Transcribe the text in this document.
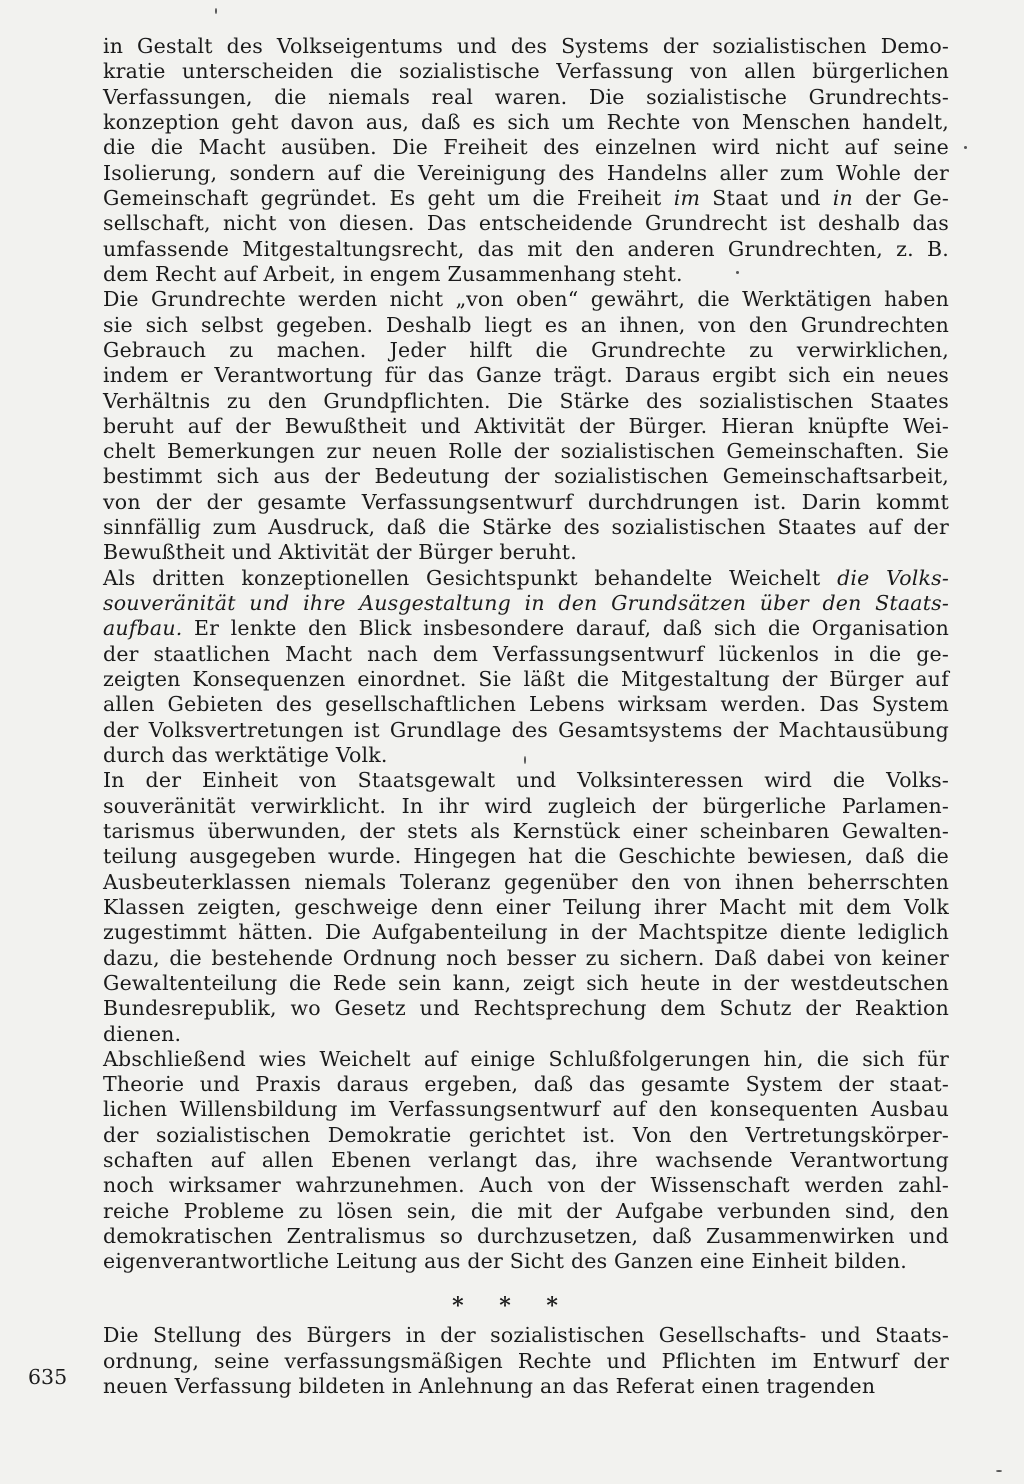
in Gestalt des Volkseigentums und des Systems der sozialistischen Demo-
kratie unterscheiden die sozialistische Verfassung von allen bürgerlichen
Verfassungen, die niemals real waren. Die sozialistische Grundrechts-
konzeption geht davon aus, daß es sich um Rechte von Menschen handelt,
die die Macht ausüben. Die Freiheit des einzelnen wird nicht auf seine
Isolierung, sondern auf die Vereinigung des Handelns aller zum Wohle der
Gemeinschaft gegründet. Es geht um die Freiheit im Staat und in der Ge-
sellschaft, nicht von diesen. Das entscheidende Grundrecht ist deshalb das
umfassende Mitgestaltungsrecht, das mit den anderen Grundrechten, z. B.
dem Recht auf Arbeit, in engem Zusammenhang steht.
Die Grundrechte werden nicht „von oben“ gewährt, die Werktätigen haben
sie sich selbst gegeben. Deshalb liegt es an ihnen, von den Grundrechten
Gebrauch zu machen. Jeder hilft die Grundrechte zu verwirklichen,
indem er Verantwortung für das Ganze trägt. Daraus ergibt sich ein neues
Verhältnis zu den Grundpflichten. Die Stärke des sozialistischen Staates
beruht auf der Bewußtheit und Aktivität der Bürger. Hieran knüpfte Wei-
chelt Bemerkungen zur neuen Rolle der sozialistischen Gemeinschaften. Sie
bestimmt sich aus der Bedeutung der sozialistischen Gemeinschaftsarbeit,
von der der gesamte Verfassungsentwurf durchdrungen ist. Darin kommt
sinnfällig zum Ausdruck, daß die Stärke des sozialistischen Staates auf der
Bewußtheit und Aktivität der Bürger beruht.
Als dritten konzeptionellen Gesichtspunkt behandelte Weichelt die Volks-
souveränität und ihre Ausgestaltung in den Grundsätzen über den Staats-
aufbau. Er lenkte den Blick insbesondere darauf, daß sich die Organisation
der staatlichen Macht nach dem Verfassungsentwurf lückenlos in die ge-
zeigten Konsequenzen einordnet. Sie läßt die Mitgestaltung der Bürger auf
allen Gebieten des gesellschaftlichen Lebens wirksam werden. Das System
der Volksvertretungen ist Grundlage des Gesamtsystems der Machtausübung
durch das werktätige Volk.
In der Einheit von Staatsgewalt und Volksinteressen wird die Volks-
souveränität verwirklicht. In ihr wird zugleich der bürgerliche Parlamen-
tarismus überwunden, der stets als Kernstück einer scheinbaren Gewalten-
teilung ausgegeben wurde. Hingegen hat die Geschichte bewiesen, daß die
Ausbeuterklassen niemals Toleranz gegenüber den von ihnen beherrschten
Klassen zeigten, geschweige denn einer Teilung ihrer Macht mit dem Volk
zugestimmt hätten. Die Aufgabenteilung in der Machtspitze diente lediglich
dazu, die bestehende Ordnung noch besser zu sichern. Daß dabei von keiner
Gewaltenteilung die Rede sein kann, zeigt sich heute in der westdeutschen
Bundesrepublik, wo Gesetz und Rechtsprechung dem Schutz der Reaktion
dienen.
Abschließend wies Weichelt auf einige Schlußfolgerungen hin, die sich für
Theorie und Praxis daraus ergeben, daß das gesamte System der staat-
lichen Willensbildung im Verfassungsentwurf auf den konsequenten Ausbau
der sozialistischen Demokratie gerichtet ist. Von den Vertretungskörper-
schaften auf allen Ebenen verlangt das, ihre wachsende Verantwortung
noch wirksamer wahrzunehmen. Auch von der Wissenschaft werden zahl-
reiche Probleme zu lösen sein, die mit der Aufgabe verbunden sind, den
demokratischen Zentralismus so durchzusetzen, daß Zusammenwirken und
eigenverantwortliche Leitung aus der Sicht des Ganzen eine Einheit bilden.
Die Stellung des Bürgers in der sozialistischen Gesellschafts- und Staats-
ordnung, seine verfassungsmäßigen Rechte und Pflichten im Entwurf der
neuen Verfassung bildeten in Anlehnung an das Referat einen tragenden
* * *
635
